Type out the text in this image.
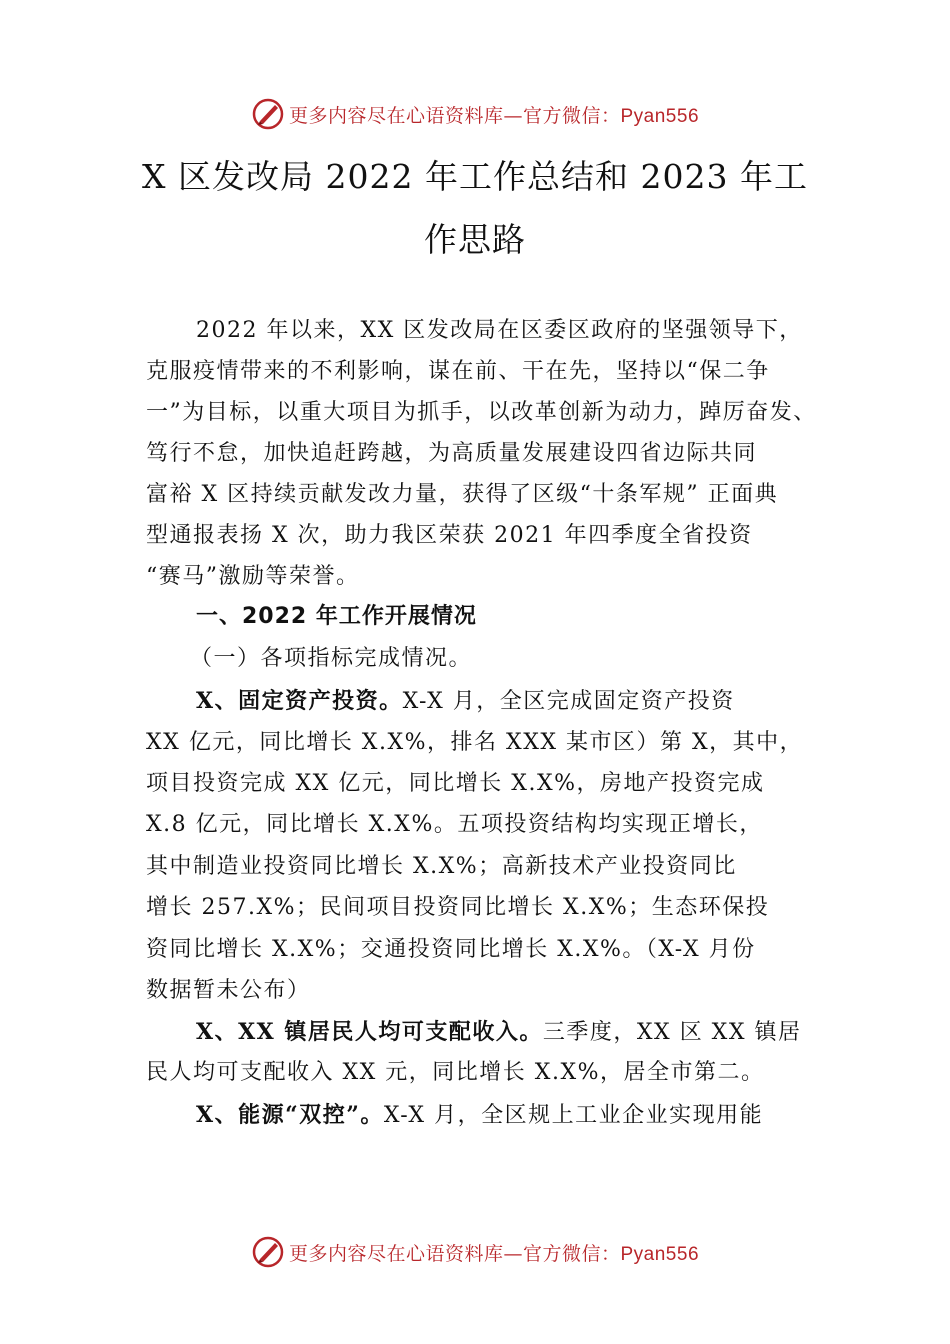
更多内容尽在心语资料库—官方微信：Pyan556
X 区发改局 2022 年工作总结和 2023 年工
作思路
2022 年以来，XX 区发改局在区委区政府的坚强领导下，
克服疫情带来的不利影响，谋在前、干在先，坚持以“保二争
一”为目标，以重大项目为抓手，以改革创新为动力，踔厉奋发、
笃行不怠，加快追赶跨越，为高质量发展建设四省边际共同
富裕 X 区持续贡献发改力量，获得了区级“十条军规” 正面典
型通报表扬 X 次，助力我区荣获 2021 年四季度全省投资
“赛马”激励等荣誉。
一、2022 年工作开展情况
（一）各项指标完成情况。
X、固定资产投资。X-X 月，全区完成固定资产投资
XX 亿元，同比增长 X.X%，排名 XXX 某市区）第 X，其中，
项目投资完成 XX 亿元，同比增长 X.X%，房地产投资完成
X.8 亿元，同比增长 X.X%。五项投资结构均实现正增长，
其中制造业投资同比增长 X.X%；高新技术产业投资同比
增长 257.X%；民间项目投资同比增长 X.X%；生态环保投
资同比增长 X.X%；交通投资同比增长 X.X%。（X-X 月份
数据暂未公布）
X、XX 镇居民人均可支配收入。三季度，XX 区 XX 镇居
民人均可支配收入 XX 元，同比增长 X.X%，居全市第二。
X、能源“双控”。X-X 月，全区规上工业企业实现用能
更多内容尽在心语资料库—官方微信：Pyan556
